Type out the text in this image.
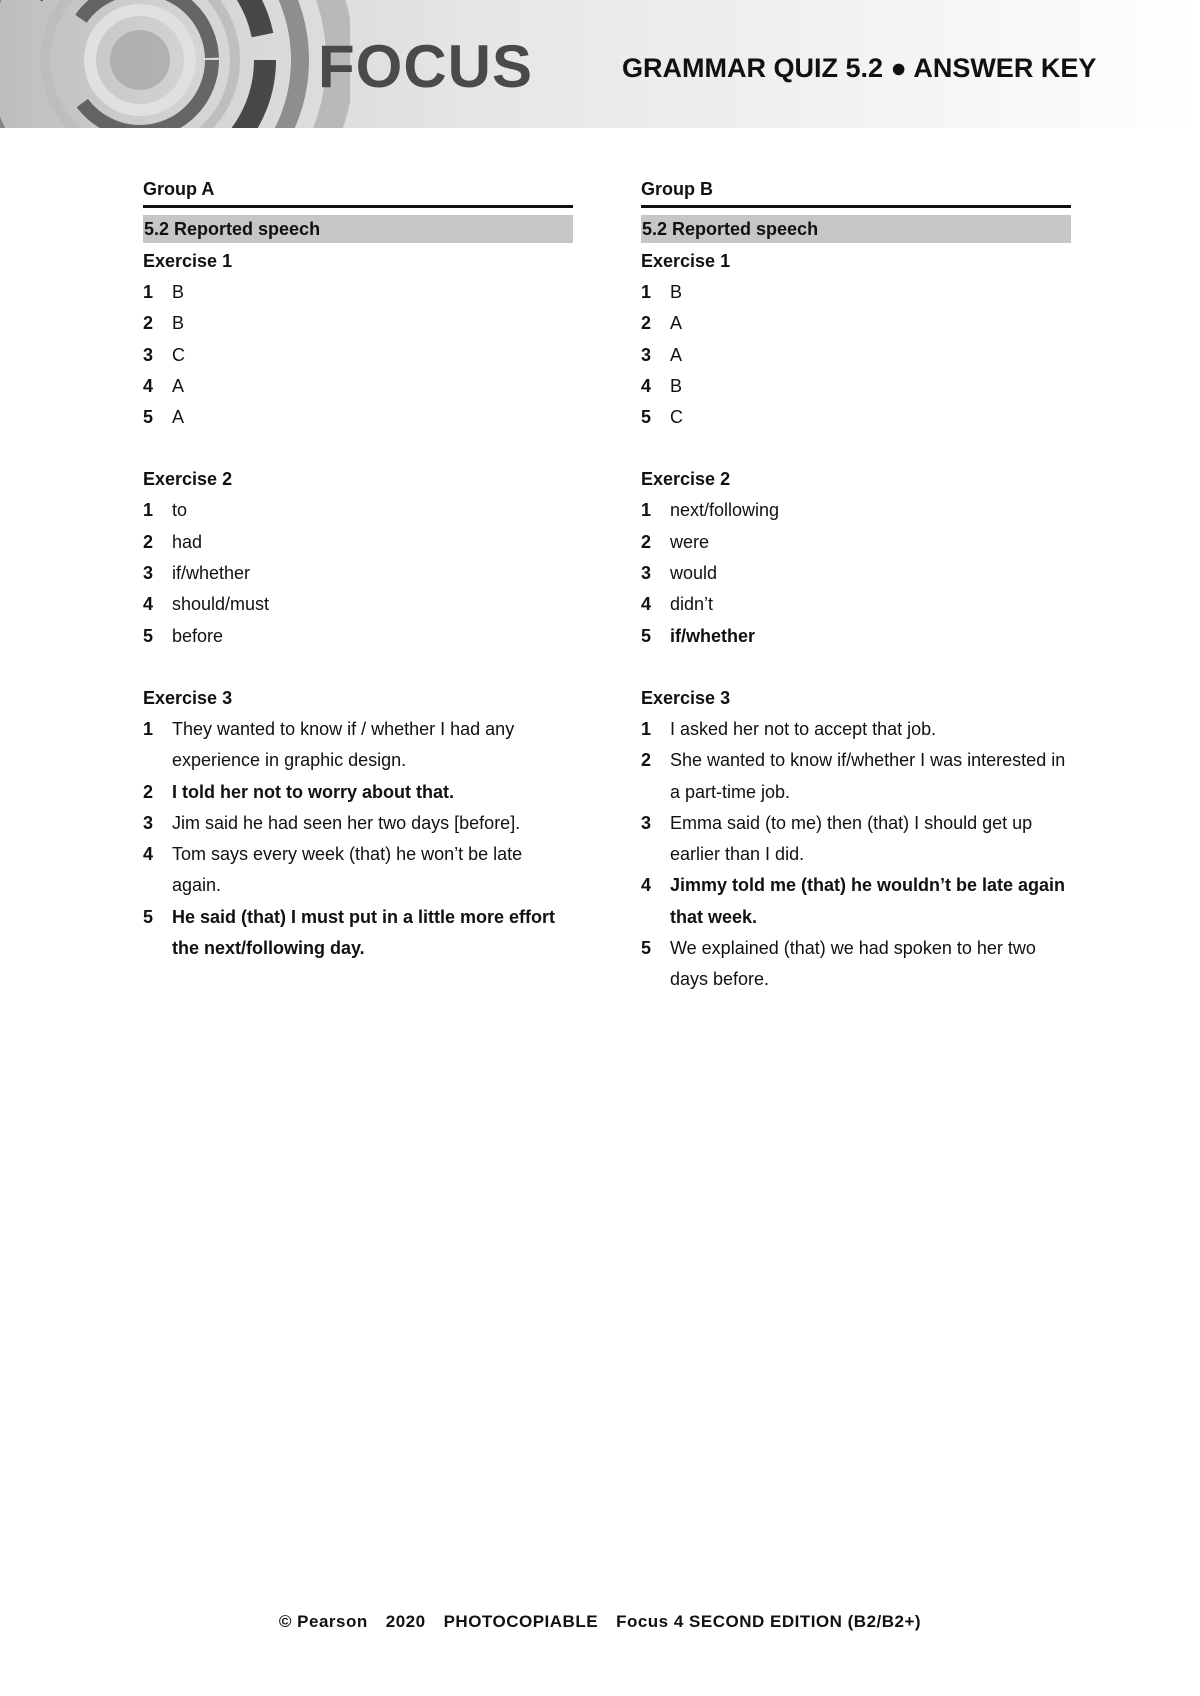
FOCUS	GRAMMAR QUIZ 5.2 ● ANSWER KEY
Group A
5.2 Reported speech
Exercise 1
1	B
2	B
3	C
4	A
5	A
Exercise 2
1	to
2	had
3	if/whether
4	should/must
5	before
Exercise 3
1	They wanted to know if / whether I had any experience in graphic design.
2	I told her not to worry about that.
3	Jim said he had seen her two days [before].
4	Tom says every week (that) he won’t be late again.
5	He said (that) I must put in a little more effort the next/following day.
Group B
5.2 Reported speech
Exercise 1
1	B
2	A
3	A
4	B
5	C
Exercise 2
1	next/following
2	were
3	would
4	didn’t
5	if/whether
Exercise 3
1	I asked her not to accept that job.
2	She wanted to know if/whether I was interested in a part-time job.
3	Emma said (to me) then (that) I should get up earlier than I did.
4	Jimmy told me (that) he wouldn’t be late again that week.
5	We explained (that) we had spoken to her two days before.
© Pearson 2020 PHOTOCOPIABLE Focus 4 SECOND EDITION (B2/B2+)
